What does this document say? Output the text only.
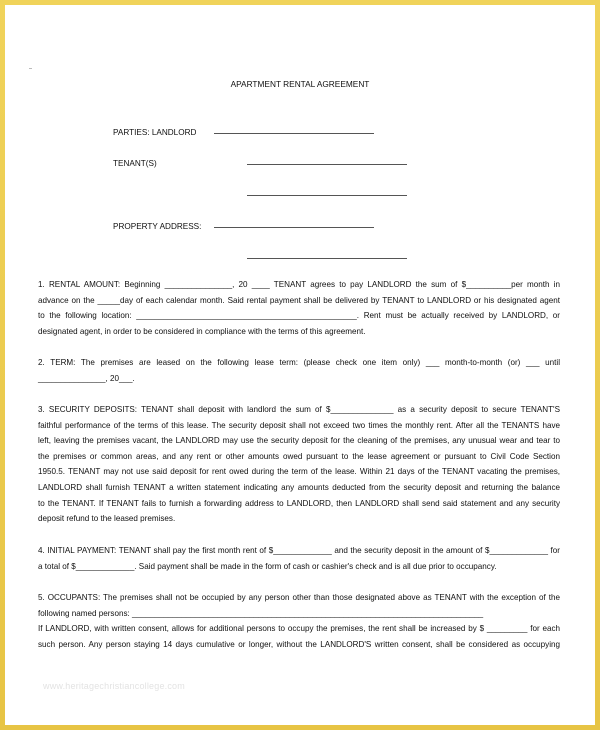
APARTMENT RENTAL AGREEMENT
PARTIES: LANDLORD
TENANT(S)
PROPERTY ADDRESS:

1. RENTAL AMOUNT: Beginning _______________, 20 ____ TENANT agrees to pay LANDLORD the sum of $__________per month in

advance on the _____day of each calendar month. Said rental payment shall be delivered by TENANT to LANDLORD or his designated agent

to the following location: _________________________________________________. Rent must be actually received by LANDLORD, or

designated agent, in order to be considered in compliance with the terms of this agreement.

2. TERM: The premises are leased on the following lease term: (please check one item only) ___ month-to-month (or) ___ until

_______________, 20___.

3. SECURITY DEPOSITS: TENANT shall deposit with landlord the sum of $______________ as a security deposit to secure TENANT'S

faithful performance of the terms of this lease. The security deposit shall not exceed two times the monthly rent. After all the TENANTS have

left, leaving the premises vacant, the LANDLORD may use the security deposit for the cleaning of the premises, any unusual wear and tear to

the premises or common areas, and any rent or other amounts owed pursuant to the lease agreement or pursuant to Civil Code Section

1950.5. TENANT may not use said deposit for rent owed during the term of the lease. Within 21 days of the TENANT vacating the premises,

LANDLORD shall furnish TENANT a written statement indicating any amounts deducted from the security deposit and returning the balance

to the TENANT. If TENANT fails to furnish a forwarding address to LANDLORD, then LANDLORD shall send said statement and any security

deposit refund to the leased premises.

4. INITIAL PAYMENT: TENANT shall pay the first month rent of $_____________ and the security deposit in the amount of $_____________ for

a total of $_____________. Said payment shall be made in the form of cash or cashier's check and is all due prior to occupancy.

5. OCCUPANTS: The premises shall not be occupied by any person other than those designated above as TENANT with the exception of the

following named persons: ______________________________________________________________________________

If LANDLORD, with written consent, allows for additional persons to occupy the premises, the rent shall be increased by $ _________ for each

such person. Any person staying 14 days cumulative or longer, without the LANDLORD'S written consent, shall be considered as occupying

www.heritagechristiancollege.com
